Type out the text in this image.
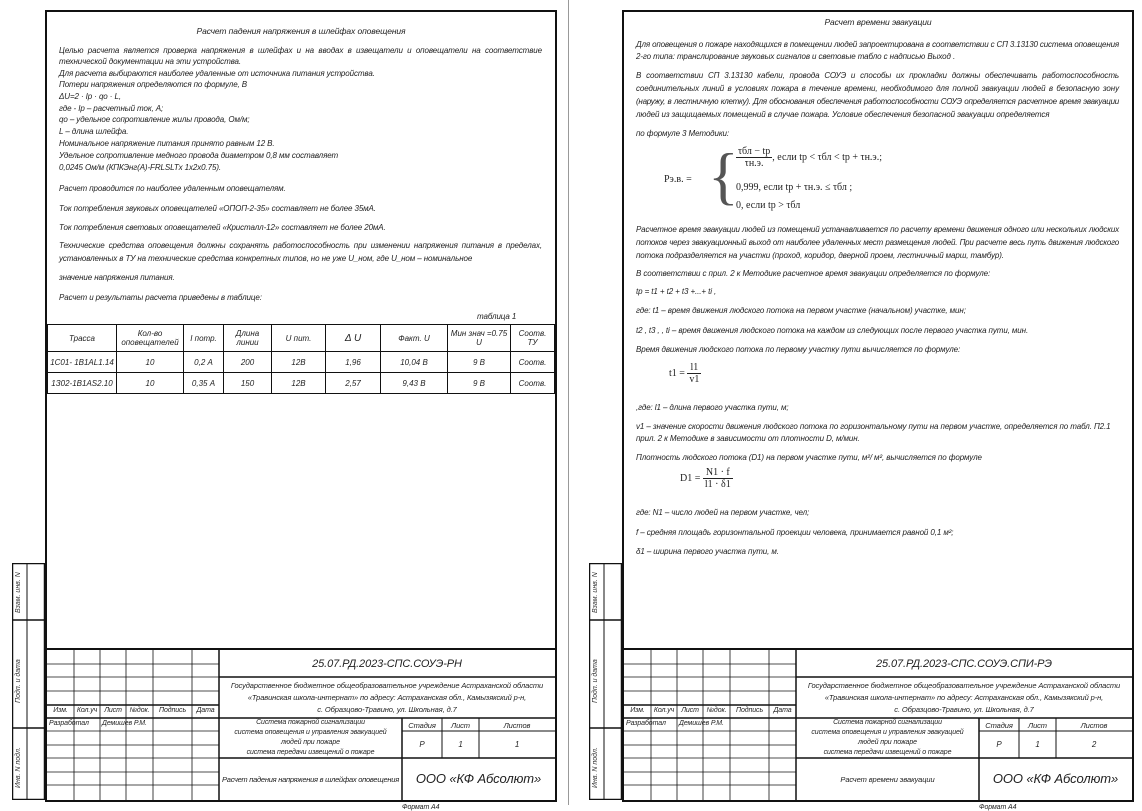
Расчет падения напряжения в шлейфах оповещения
Целью расчета является проверка напряжения в шлейфах и на вводах в извещатели и оповещатели на соответствие
технической документации на эти устройства.
Для расчета выбираются наиболее удаленные от источника питания устройства.
Потери напряжения определяются по формуле, В
ΔU=2 · Iр · qо · L,
где - Iр – расчетный ток, А;
qо – удельное сопротивление жилы провода, Ом/м;
L – длина шлейфа.
Номинальное напряжение питания принято равным 12 В.
Удельное сопротивление медного провода диаметром 0,8 мм составляет
0,0245 Ом/м (КПКЭнг(А)-FRLSLTx 1х2х0.75).
Расчет проводится по наиболее удаленным оповещателям.
Ток потребления звуковых оповещателей «ОПОП-2-35» составляет не более 35мА.
Ток потребления световых оповещателей «Кристалл-12» составляет не более 20мА.
Технические средства оповещения должны сохранять работоспособность при изменении напряжения питания в пределах,
установленных в ТУ на технические средства конкретных типов, но не уже U_ном, где U_ном – номинальное
значение напряжения питания.
Расчет и результаты расчета приведены в таблице:
таблица 1
Трасса	Кол-во оповещателей	I потр.	Длина линии	U пит.	Δ U	Факт. U	Мин знач =0.75 U	Соотв. ТУ
1С01- 1В1AL1.14	10	0,2 А	200	12В	1,96	10,04 В	9 В	Соотв.
1З02-1В1AS2.10	10	0,35 А	150	12В	2,57	9,43 В	9 В	Соотв.
Изм.	Кол.уч	Лист	№док.	Подпись	Дата
Разработал	Демишев Р.М.
25.07.РД.2023-СПС.СОУЭ-РН
Государственное бюджетное общеобразовательное учреждение Астраханской области
«Травинская школа-интернат» по адресу: Астраханская обл., Камызякский р-н,
с. Образцово-Травино, ул. Школьная, д.7
Система пожарной сигнализации
система оповещения и управления эвакуацией
людей при пожаре
система передачи извещений о пожаре
Стадия	Лист	Листов
Р	1	1
Расчет падения напряжения в шлейфах оповещения	ООО «КФ Абсолют»
Формат А4
Расчет времени эвакуации
Для оповещения о пожаре находящихся в помещении людей запроектирована в соответствии с СП 3.13130 система оповещения
2-го типа: транслирование звуковых сигналов и световые табло с надписью Выход .
В соответствии СП 3.13130 кабели, провода СОУЭ и способы их прокладки должны обеспечивать работоспособность
соединительных линий в условиях пожара в течение времени, необходимого для полной эвакуации людей в безопасную зону
(наружу, в лестничную клетку). Для обоснования обеспечения работоспособности СОУЭ определяется расчетное время эвакуации
людей из защищаемых помещений в случае пожара. Условие обеспечения безопасной эвакуации определяется
по формуле 3 Методики:
Pэ.в. = {
$\frac{\text{τбл − tр}}{\tau н.э.}$ , если tр < τбл < tр + τн.э.;
0,999, если tр + τн.э. ≤ τбл ;
0, если tр > τбл
Расчетное время эвакуации людей из помещений устанавливается по расчету времени движения одного или нескольких людских
потоков через эвакуационный выход от наиболее удаленных мест размещения людей. При расчете весь путь движения людского
потока подразделяется на участки (проход, коридор, дверной проем, лестничный марш, тамбур).
В соответствии с прил. 2 к Методике расчетное время эвакуации определяется по формуле:
tр = t1 + t2 + t3 +...+ ti ,
где: t1 – время движения людского потока на первом участке (начальном) участке, мин;
t2 , t3 , , ti – время движения людского потока на каждом из следующих после первого участка пути, мин.
Время движения людского потока по первому участку пути вычисляется по формуле:
$t1 = \frac{l1}{v1}$
,где: l1 – длина первого участка пути, м;
v1 – значение скорости движения людского потока по горизонтальному пути на первом участке, определяется по табл. П2.1
прил. 2 к Методике в зависимости от плотности D, м/мин.
Плотность людского потока (D1) на первом участке пути, м²/ м², вычисляется по формуле
$D1 = \frac{N1 \cdot f}{l1 \cdot \delta 1}$
где: N1 – число людей на первом участке, чел;
f – средняя площадь горизонтальной проекции человека, принимается равной 0,1 м²;
δ1 – ширина первого участка пути, м.
Изм.	Кол.уч	Лист	№док.	Подпись	Дата
Разработал	Демишев Р.М.
25.07.РД.2023-СПС.СОУЭ.СПИ-РЭ
Государственное бюджетное общеобразовательное учреждение Астраханской области
«Травинская школа-интернат» по адресу: Астраханская обл., Камызякский р-н,
с. Образцово-Травино, ул. Школьная, д.7
Система пожарной сигнализации
система оповещения и управления эвакуацией
людей при пожаре
система передачи извещений о пожаре
Стадия	Лист	Листов
Р	1	2
Расчет времени эвакуации	ООО «КФ Абсолют»
Формат А4
Взам. инв. N
Подп. и дата
Инв. N подл.
Взам. инв. N
Подп. и дата
Инв. N подл.
